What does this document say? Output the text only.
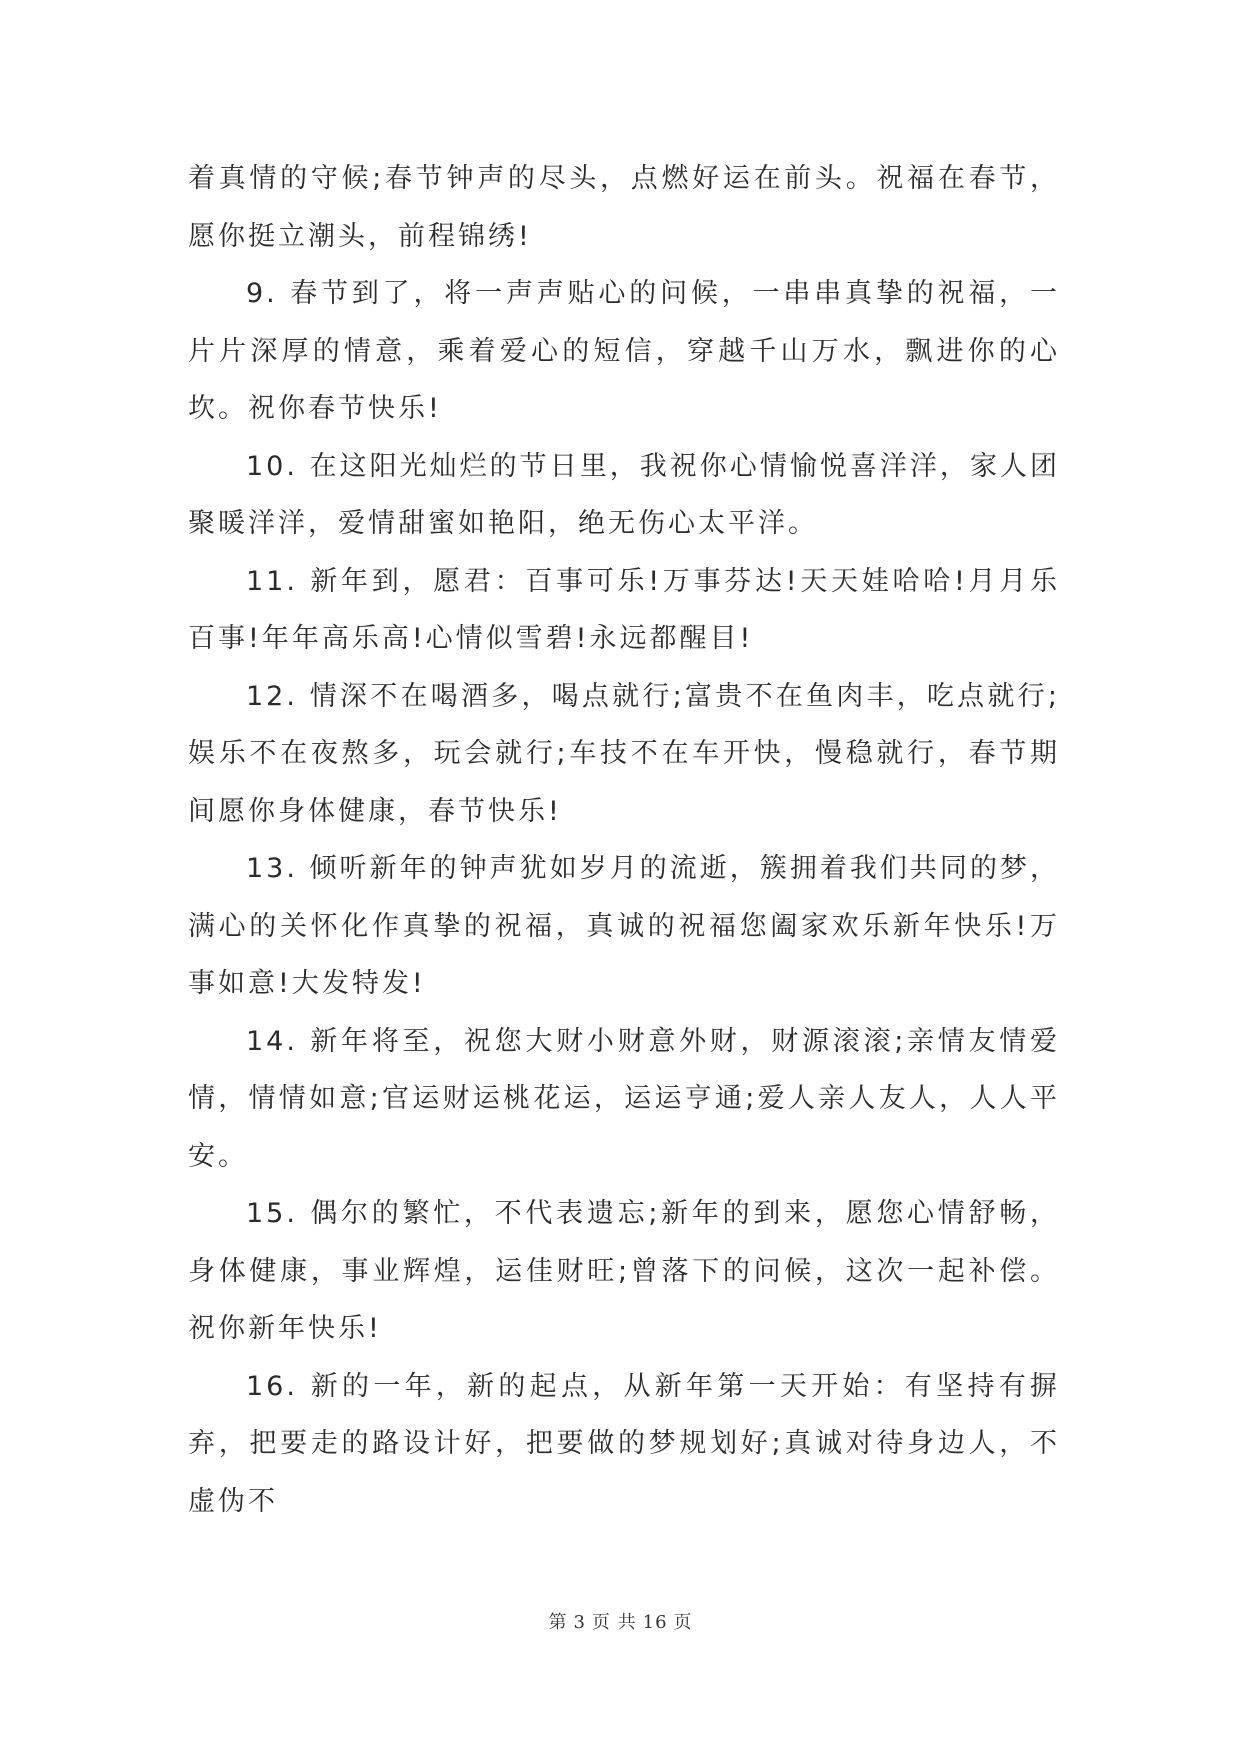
着真情的守候;春节钟声的尽头，点燃好运在前头。祝福在春节，愿你挺立潮头，前程锦绣!

9. 春节到了，将一声声贴心的问候，一串串真挚的祝福，一片片深厚的情意，乘着爱心的短信，穿越千山万水，飘进你的心坎。祝你春节快乐!

10. 在这阳光灿烂的节日里，我祝你心情愉悦喜洋洋，家人团聚暖洋洋，爱情甜蜜如艳阳，绝无伤心太平洋。

11. 新年到，愿君：百事可乐!万事芬达!天天娃哈哈!月月乐百事!年年高乐高!心情似雪碧!永远都醒目!

12. 情深不在喝酒多，喝点就行;富贵不在鱼肉丰，吃点就行;娱乐不在夜熬多，玩会就行;车技不在车开快，慢稳就行，春节期间愿你身体健康，春节快乐!

13. 倾听新年的钟声犹如岁月的流逝，簇拥着我们共同的梦，满心的关怀化作真挚的祝福，真诚的祝福您阖家欢乐新年快乐!万事如意!大发特发!

14. 新年将至，祝您大财小财意外财，财源滚滚;亲情友情爱情，情情如意;官运财运桃花运，运运亨通;爱人亲人友人，人人平安。

15. 偶尔的繁忙，不代表遗忘;新年的到来，愿您心情舒畅，身体健康，事业辉煌，运佳财旺;曾落下的问候，这次一起补偿。祝你新年快乐!

16. 新的一年，新的起点，从新年第一天开始：有坚持有摒弃，把要走的路设计好，把要做的梦规划好;真诚对待身边人，不虚伪不

第 3 页 共 16 页
